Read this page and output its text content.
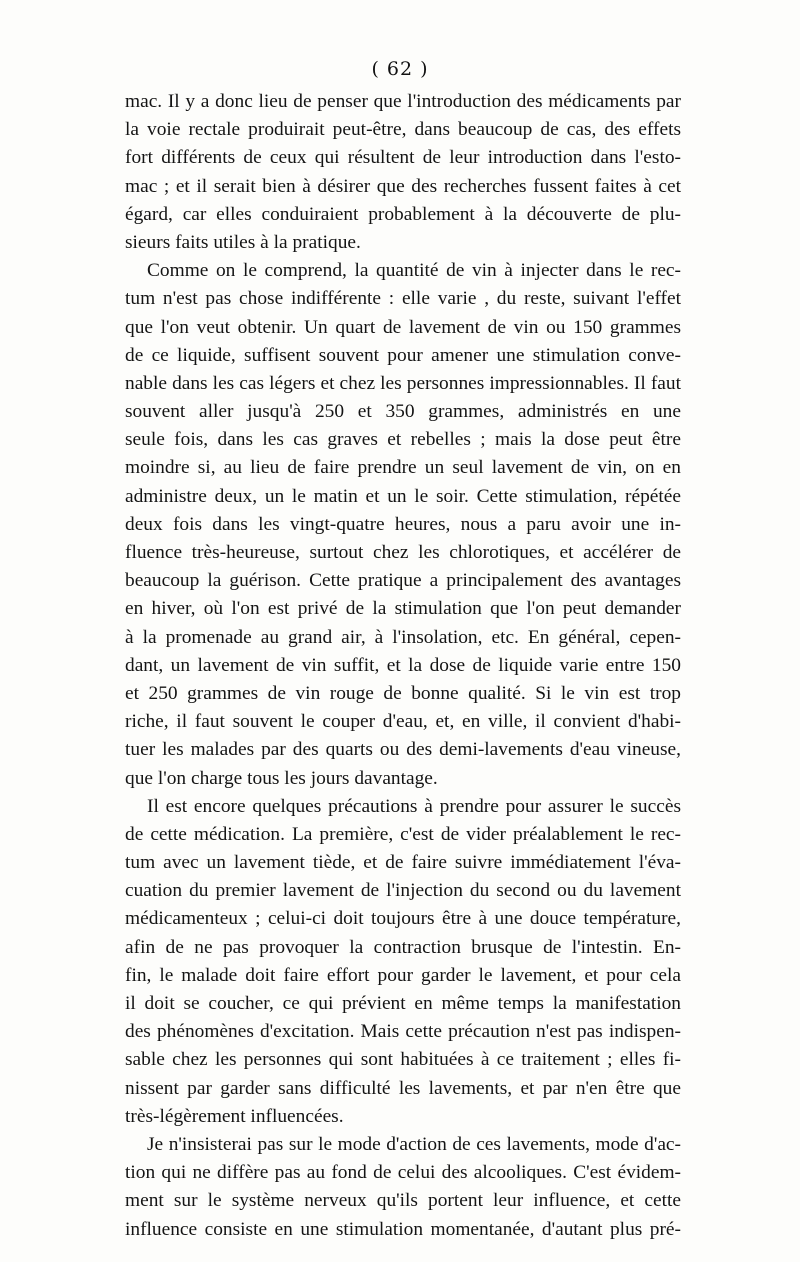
( 62 )
mac. Il y a donc lieu de penser que l'introduction des médicaments par
la voie rectale produirait peut-être, dans beaucoup de cas, des effets
fort différents de ceux qui résultent de leur introduction dans l'esto-
mac ; et il serait bien à désirer que des recherches fussent faites à cet
égard, car elles conduiraient probablement à la découverte de plu-
sieurs faits utiles à la pratique.
Comme on le comprend, la quantité de vin à injecter dans le rec-
tum n'est pas chose indifférente : elle varie , du reste, suivant l'effet
que l'on veut obtenir. Un quart de lavement de vin ou 150 grammes
de ce liquide, suffisent souvent pour amener une stimulation conve-
nable dans les cas légers et chez les personnes impressionnables. Il faut
souvent aller jusqu'à 250 et 350 grammes, administrés en une
seule fois, dans les cas graves et rebelles ; mais la dose peut être
moindre si, au lieu de faire prendre un seul lavement de vin, on en
administre deux, un le matin et un le soir. Cette stimulation, répétée
deux fois dans les vingt-quatre heures, nous a paru avoir une in-
fluence très-heureuse, surtout chez les chlorotiques, et accélérer de
beaucoup la guérison. Cette pratique a principalement des avantages
en hiver, où l'on est privé de la stimulation que l'on peut demander
à la promenade au grand air, à l'insolation, etc. En général, cepen-
dant, un lavement de vin suffit, et la dose de liquide varie entre 150
et 250 grammes de vin rouge de bonne qualité. Si le vin est trop
riche, il faut souvent le couper d'eau, et, en ville, il convient d'habi-
tuer les malades par des quarts ou des demi-lavements d'eau vineuse,
que l'on charge tous les jours davantage.
Il est encore quelques précautions à prendre pour assurer le succès
de cette médication. La première, c'est de vider préalablement le rec-
tum avec un lavement tiède, et de faire suivre immédiatement l'éva-
cuation du premier lavement de l'injection du second ou du lavement
médicamenteux ; celui-ci doit toujours être à une douce température,
afin de ne pas provoquer la contraction brusque de l'intestin. En-
fin, le malade doit faire effort pour garder le lavement, et pour cela
il doit se coucher, ce qui prévient en même temps la manifestation
des phénomènes d'excitation. Mais cette précaution n'est pas indispen-
sable chez les personnes qui sont habituées à ce traitement ; elles fi-
nissent par garder sans difficulté les lavements, et par n'en être que
très-légèrement influencées.
Je n'insisterai pas sur le mode d'action de ces lavements, mode d'ac-
tion qui ne diffère pas au fond de celui des alcooliques. C'est évidem-
ment sur le système nerveux qu'ils portent leur influence, et cette
influence consiste en une stimulation momentanée, d'autant plus pré-
